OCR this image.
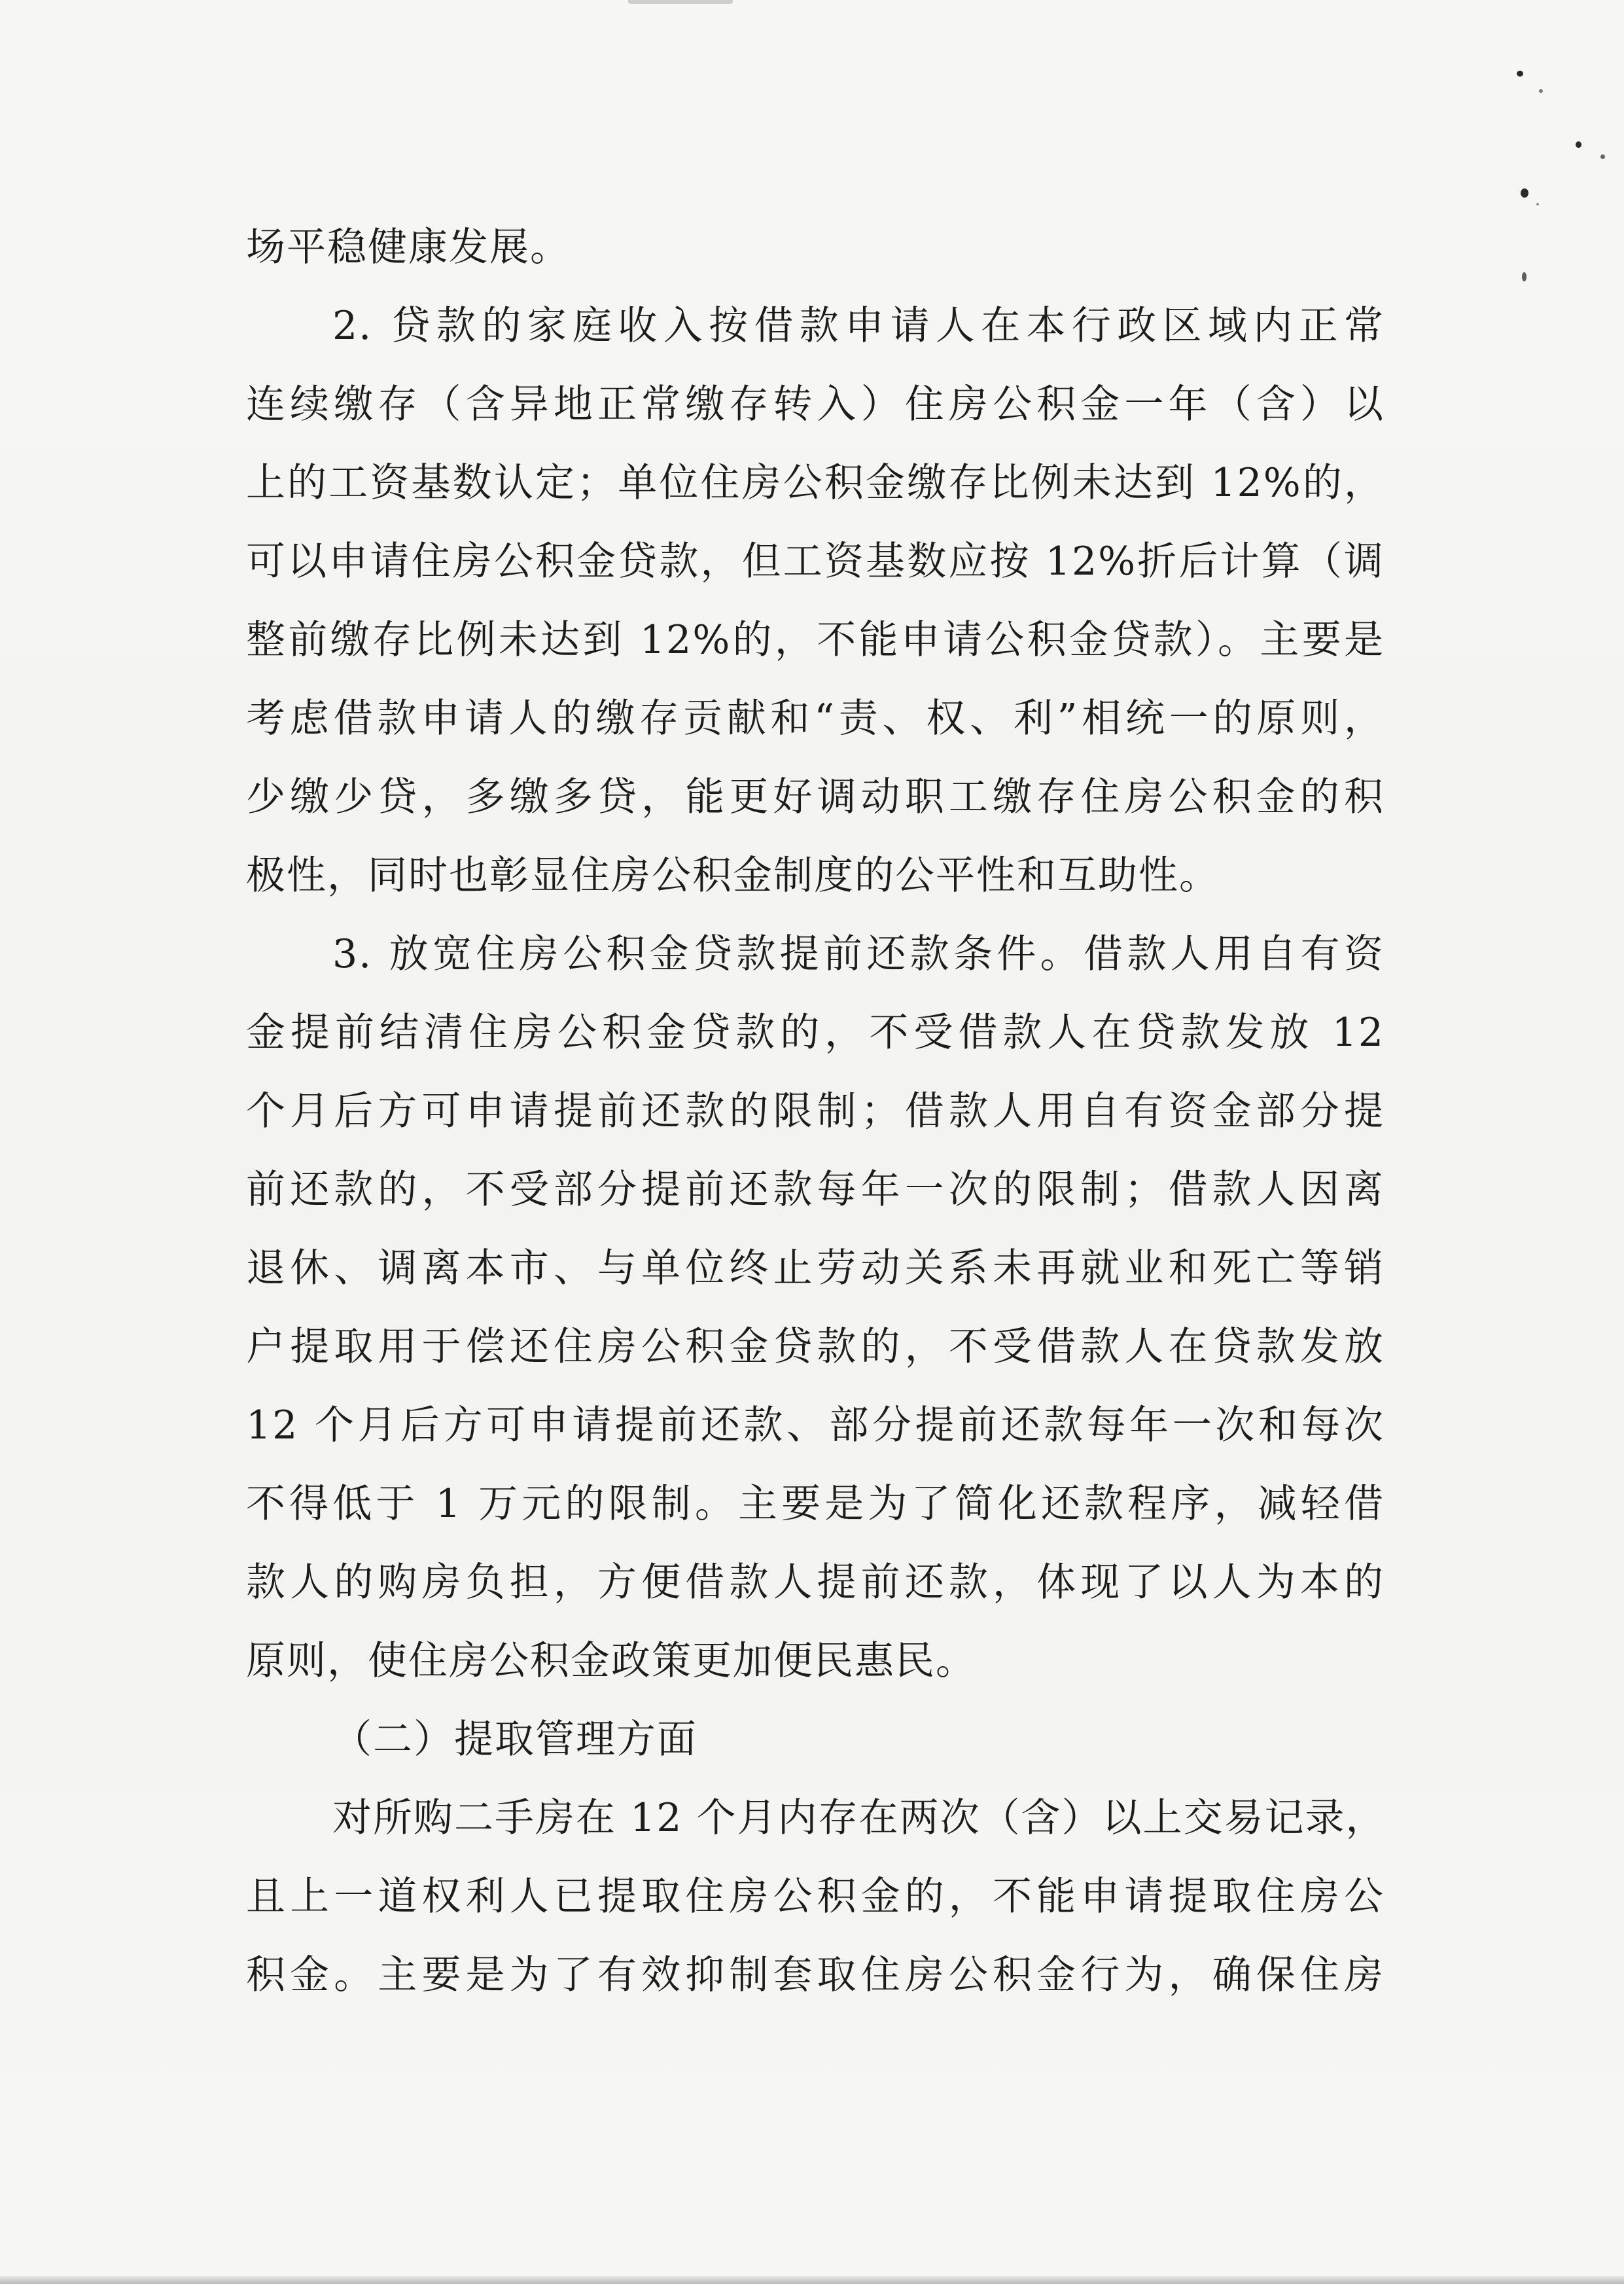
场平稳健康发展。

2. 贷款的家庭收入按借款申请人在本行政区域内正常

连续缴存（含异地正常缴存转入）住房公积金一年（含）以

上的工资基数认定；单位住房公积金缴存比例未达到 12%的，

可以申请住房公积金贷款，但工资基数应按 12%折后计算（调

整前缴存比例未达到 12%的，不能申请公积金贷款）。主要是

考虑借款申请人的缴存贡献和“责、权、利”相统一的原则，

少缴少贷，多缴多贷，能更好调动职工缴存住房公积金的积

极性，同时也彰显住房公积金制度的公平性和互助性。

3. 放宽住房公积金贷款提前还款条件。借款人用自有资

金提前结清住房公积金贷款的，不受借款人在贷款发放 12

个月后方可申请提前还款的限制；借款人用自有资金部分提

前还款的，不受部分提前还款每年一次的限制；借款人因离

退休、调离本市、与单位终止劳动关系未再就业和死亡等销

户提取用于偿还住房公积金贷款的，不受借款人在贷款发放

12 个月后方可申请提前还款、部分提前还款每年一次和每次

不得低于 1 万元的限制。主要是为了简化还款程序，减轻借

款人的购房负担，方便借款人提前还款，体现了以人为本的

原则，使住房公积金政策更加便民惠民。

（二）提取管理方面

对所购二手房在 12 个月内存在两次（含）以上交易记录，

且上一道权利人已提取住房公积金的，不能申请提取住房公

积金。主要是为了有效抑制套取住房公积金行为，确保住房
